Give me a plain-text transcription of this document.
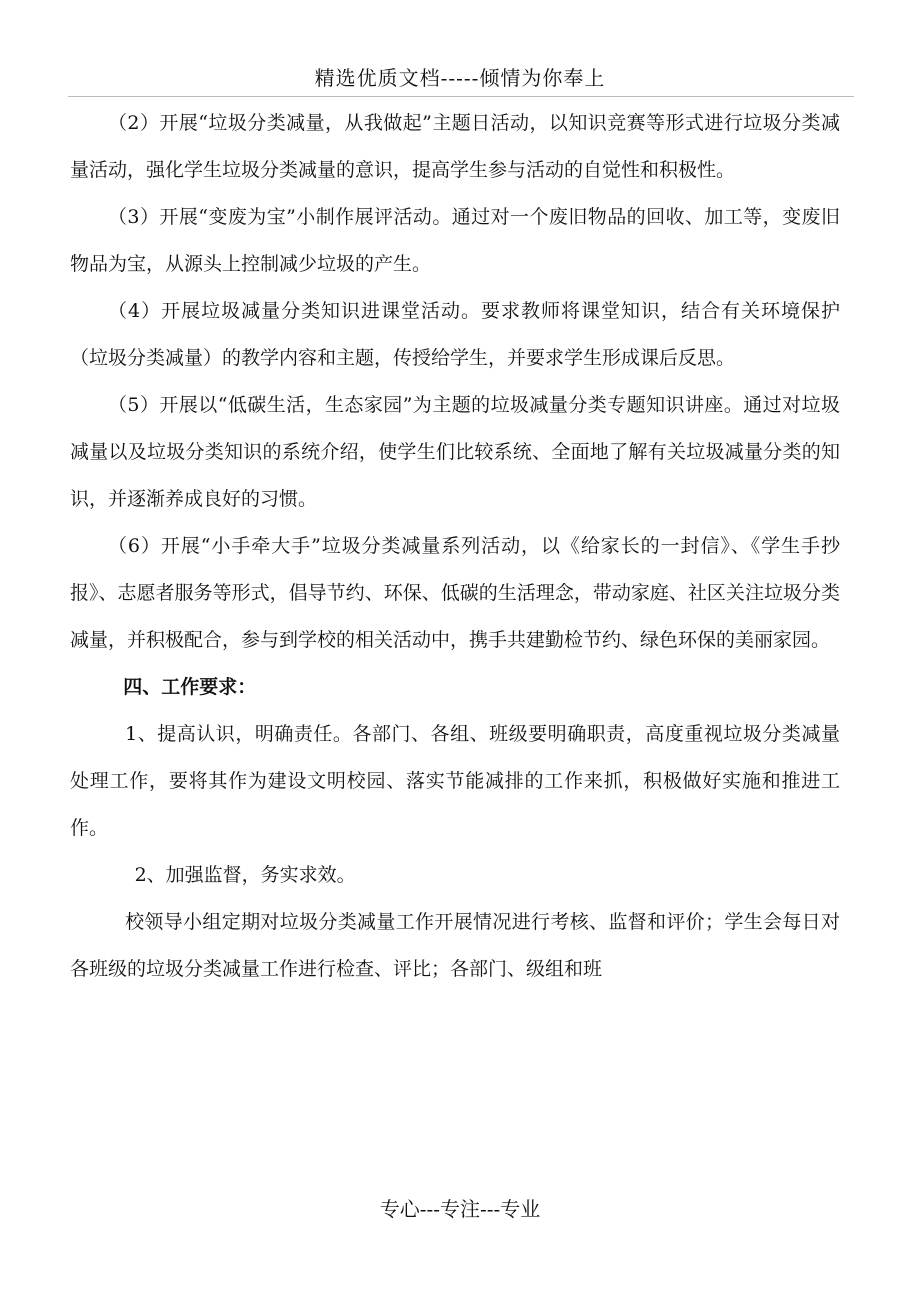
精选优质文档-----倾情为你奉上

（2）开展“垃圾分类减量，从我做起”主题日活动，以知识竞赛等形式进行垃圾分类减量活动，强化学生垃圾分类减量的意识，提高学生参与活动的自觉性和积极性。

（3）开展“变废为宝”小制作展评活动。通过对一个废旧物品的回收、加工等，变废旧物品为宝，从源头上控制减少垃圾的产生。

（4）开展垃圾减量分类知识进课堂活动。要求教师将课堂知识，结合有关环境保护（垃圾分类减量）的教学内容和主题，传授给学生，并要求学生形成课后反思。

（5）开展以“低碳生活，生态家园”为主题的垃圾减量分类专题知识讲座。通过对垃圾减量以及垃圾分类知识的系统介绍，使学生们比较系统、全面地了解有关垃圾减量分类的知识，并逐渐养成良好的习惯。

（6）开展“小手牵大手”垃圾分类减量系列活动，以《给家长的一封信》、《学生手抄报》、志愿者服务等形式，倡导节约、环保、低碳的生活理念，带动家庭、社区关注垃圾分类减量，并积极配合，参与到学校的相关活动中，携手共建勤检节约、绿色环保的美丽家园。

四、工作要求：

1、提高认识，明确责任。各部门、各组、班级要明确职责，高度重视垃圾分类减量处理工作，要将其作为建设文明校园、落实节能减排的工作来抓，积极做好实施和推进工作。

2、加强监督，务实求效。

校领导小组定期对垃圾分类减量工作开展情况进行考核、监督和评价；学生会每日对各班级的垃圾分类减量工作进行检查、评比；各部门、级组和班

专心---专注---专业
